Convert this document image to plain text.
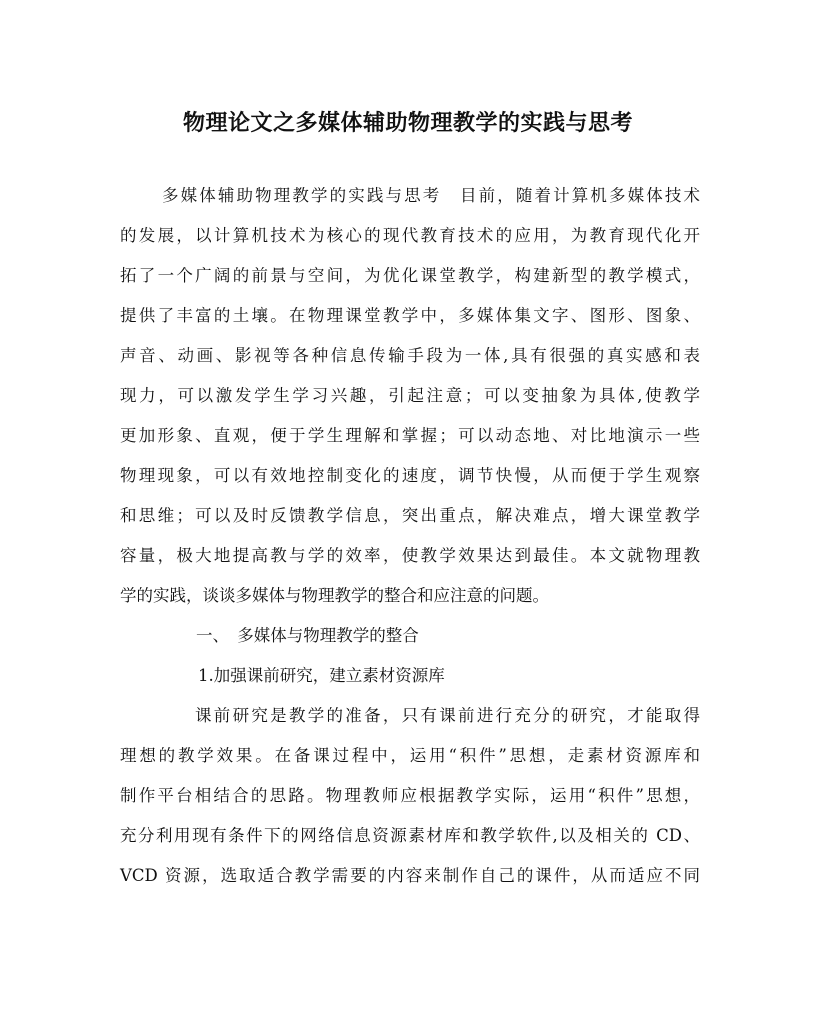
物理论文之多媒体辅助物理教学的实践与思考
多媒体辅助物理教学的实践与思考　目前，随着计算机多媒体技术
的发展，以计算机技术为核心的现代教育技术的应用，为教育现代化开
拓了一个广阔的前景与空间，为优化课堂教学，构建新型的教学模式，
提供了丰富的土壤。在物理课堂教学中，多媒体集文字、图形、图象、
声音、动画、影视等各种信息传输手段为一体,具有很强的真实感和表
现力，可以激发学生学习兴趣，引起注意；可以变抽象为具体,使教学
更加形象、直观，便于学生理解和掌握；可以动态地、对比地演示一些
物理现象，可以有效地控制变化的速度，调节快慢，从而便于学生观察
和思维；可以及时反馈教学信息，突出重点，解决难点，增大课堂教学
容量，极大地提高教与学的效率，使教学效果达到最佳。本文就物理教
学的实践，谈谈多媒体与物理教学的整合和应注意的问题。
一、　多媒体与物理教学的整合
1.加强课前研究，建立素材资源库
课前研究是教学的准备，只有课前进行充分的研究，才能取得
理想的教学效果。在备课过程中，运用“积件”思想，走素材资源库和
制作平台相结合的思路。物理教师应根据教学实际，运用“积件”思想，
充分利用现有条件下的网络信息资源素材库和教学软件,以及相关的 CD、
VCD 资源，选取适合教学需要的内容来制作自己的课件，从而适应不同
